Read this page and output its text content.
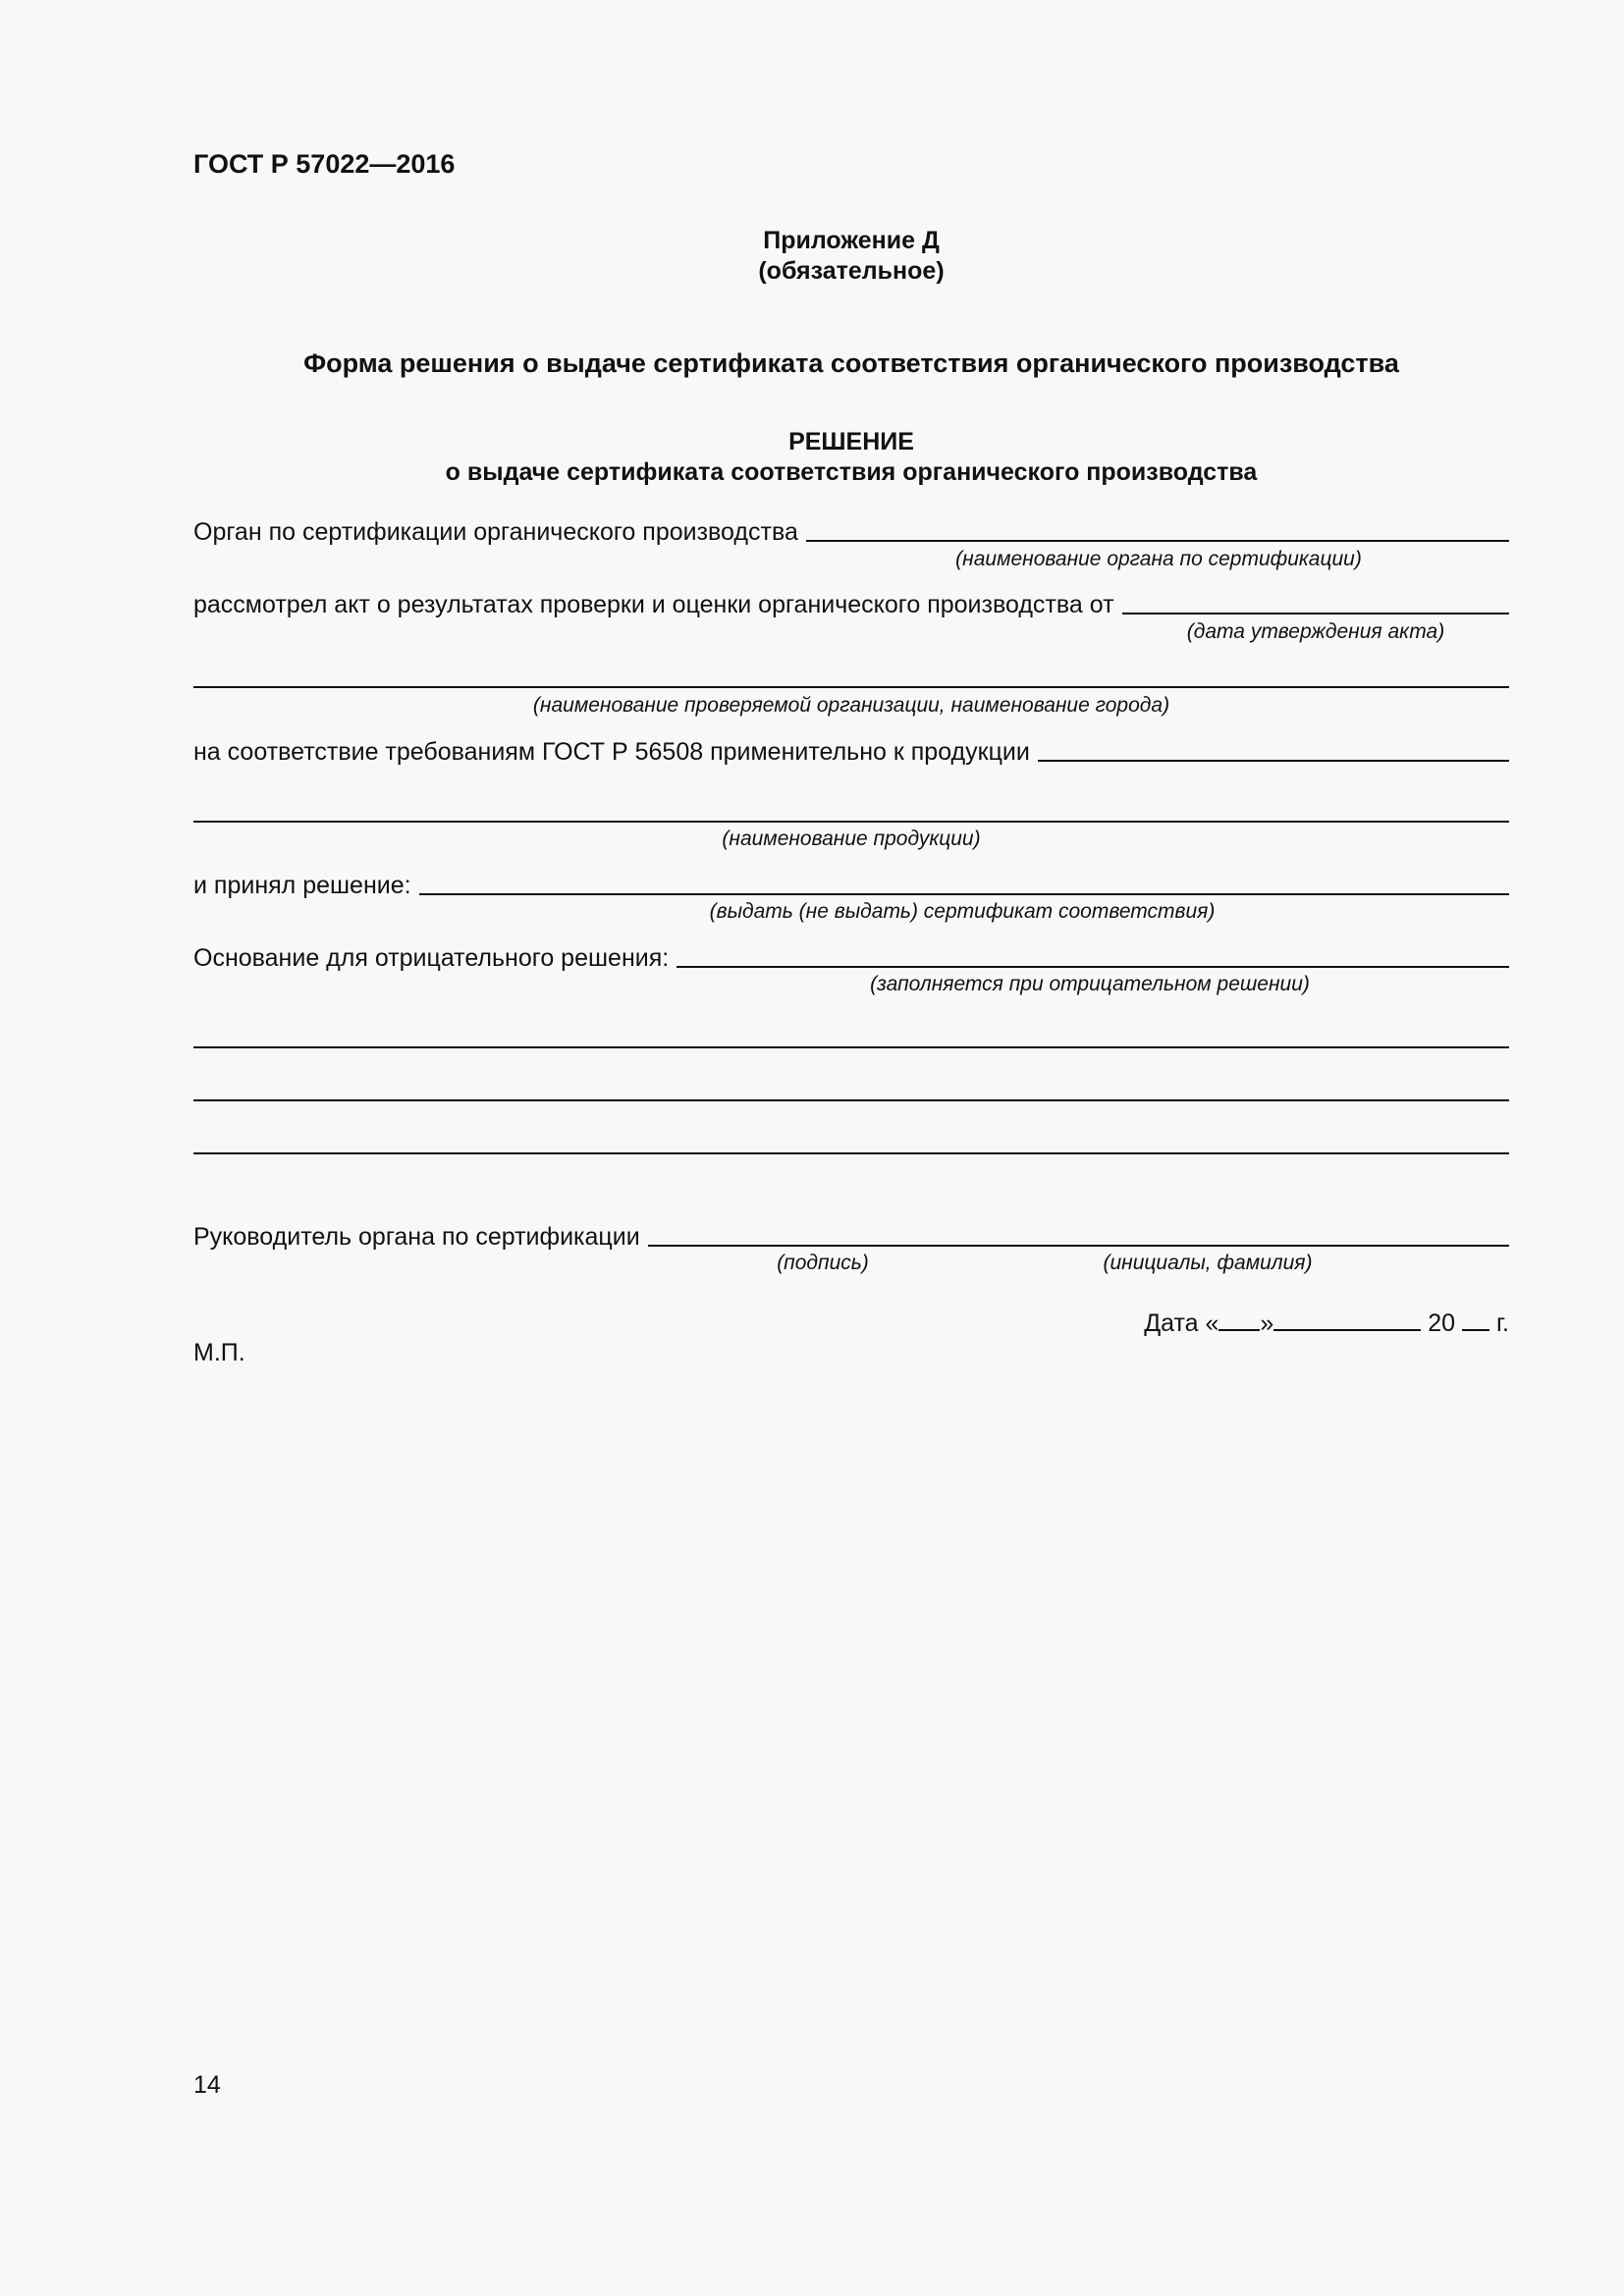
ГОСТ Р 57022—2016
Приложение Д
(обязательное)
Форма решения о выдаче сертификата соответствия органического производства
РЕШЕНИЕ
о выдаче сертификата соответствия органического производства
Орган по сертификации органического производства
(наименование органа по сертификации)
рассмотрел акт о результатах проверки и оценки органического производства от
(дата утверждения акта)
(наименование проверяемой организации, наименование города)
на соответствие требованиям ГОСТ Р 56508 применительно к продукции
(наименование продукции)
и принял решение:
(выдать (не выдать) сертификат соответствия)
Основание для отрицательного решения:
(заполняется при отрицательном решении)
Руководитель органа по сертификации
(подпись)	(инициалы, фамилия)
Дата « »	20  г.
М.П.
14
